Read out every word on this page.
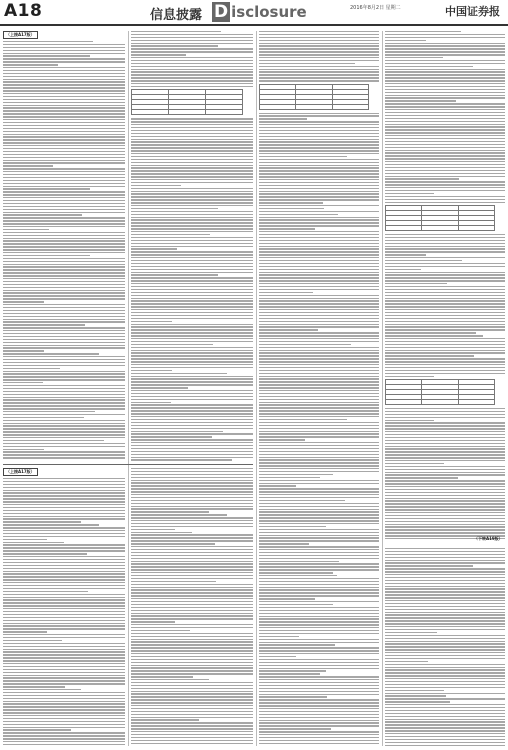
A18	信息披露 D isclosure	2016年8月2日 星期二	中国证券报
（上接A17版）
（上接A17版）

（下转A19版）
